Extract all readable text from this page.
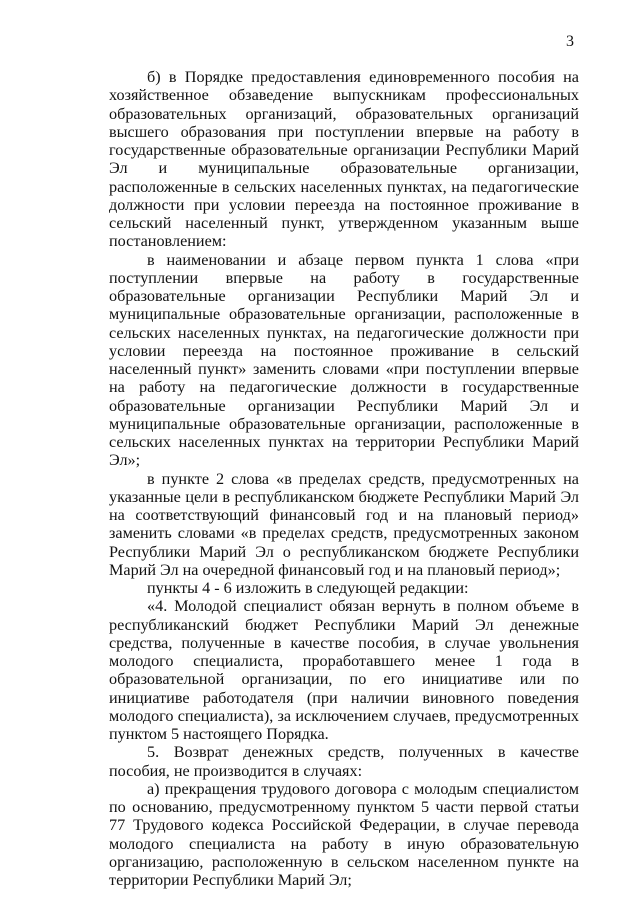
3

б) в Порядке предоставления единовременного пособия на хозяйственное обзаведение выпускникам профессиональных образовательных организаций, образовательных организаций высшего образования при поступлении впервые на работу в государственные образовательные организации Республики Марий Эл и муниципальные образовательные организации, расположенные в сельских населенных пунктах, на педагогические должности при условии переезда на постоянное проживание в сельский населенный пункт, утвержденном указанным выше постановлением:

в наименовании и абзаце первом пункта 1 слова «при поступлении впервые на работу в государственные образовательные организации Республики Марий Эл и муниципальные образовательные организации, расположенные в сельских населенных пунктах, на педагогические должности при условии переезда на постоянное проживание в сельский населенный пункт» заменить словами «при поступлении впервые на работу на педагогические должности в государственные образовательные организации Республики Марий Эл и муниципальные образовательные организации, расположенные в сельских населенных пунктах на территории Республики Марий Эл»;

в пункте 2 слова «в пределах средств, предусмотренных на указанные цели в республиканском бюджете Республики Марий Эл на соответствующий финансовый год и на плановый период» заменить словами «в пределах средств, предусмотренных законом Республики Марий Эл о республиканском бюджете Республики Марий Эл на очередной финансовый год и на плановый период»;

пункты 4 - 6 изложить в следующей редакции:

«4. Молодой специалист обязан вернуть в полном объеме в республиканский бюджет Республики Марий Эл денежные средства, полученные в качестве пособия, в случае увольнения молодого специалиста, проработавшего менее 1 года в образовательной организации, по его инициативе или по инициативе работодателя (при наличии виновного поведения молодого специалиста), за исключением случаев, предусмотренных пунктом 5 настоящего Порядка.

5. Возврат денежных средств, полученных в качестве пособия, не производится в случаях:

а) прекращения трудового договора с молодым специалистом по основанию, предусмотренному пунктом 5 части первой статьи 77 Трудового кодекса Российской Федерации, в случае перевода молодого специалиста на работу в иную образовательную организацию, расположенную в сельском населенном пункте на территории Республики Марий Эл;
